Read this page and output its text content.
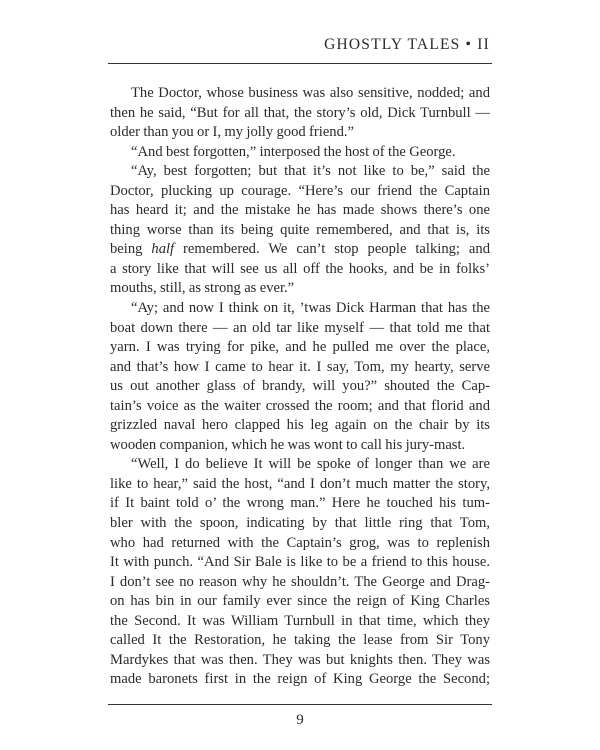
GHOSTLY TALES • II
The Doctor, whose business was also sensitive, nodded; and
then he said, “But for all that, the story’s old, Dick Turnbull —
older than you or I, my jolly good friend.”
“And best forgotten,” interposed the host of the George.
“Ay, best forgotten; but that it’s not like to be,” said the
Doctor, plucking up courage. “Here’s our friend the Captain
has heard it; and the mistake he has made shows there’s one
thing worse than its being quite remembered, and that is, its
being half remembered. We can’t stop people talking; and
a story like that will see us all off the hooks, and be in folks’
mouths, still, as strong as ever.”
“Ay; and now I think on it, ’twas Dick Harman that has the
boat down there — an old tar like myself — that told me that
yarn. I was trying for pike, and he pulled me over the place,
and that’s how I came to hear it. I say, Tom, my hearty, serve
us out another glass of brandy, will you?” shouted the Cap-
tain’s voice as the waiter crossed the room; and that florid and
grizzled naval hero clapped his leg again on the chair by its
wooden companion, which he was wont to call his jury-mast.
“Well, I do believe It will be spoke of longer than we are
like to hear,” said the host, “and I don’t much matter the story,
if It baint told o’ the wrong man.” Here he touched his tum-
bler with the spoon, indicating by that little ring that Tom,
who had returned with the Captain’s grog, was to replenish
It with punch. “And Sir Bale is like to be a friend to this house.
I don’t see no reason why he shouldn’t. The George and Drag-
on has bin in our family ever since the reign of King Charles
the Second. It was William Turnbull in that time, which they
called It the Restoration, he taking the lease from Sir Tony
Mardykes that was then. They was but knights then. They was
made baronets first in the reign of King George the Second;
9
